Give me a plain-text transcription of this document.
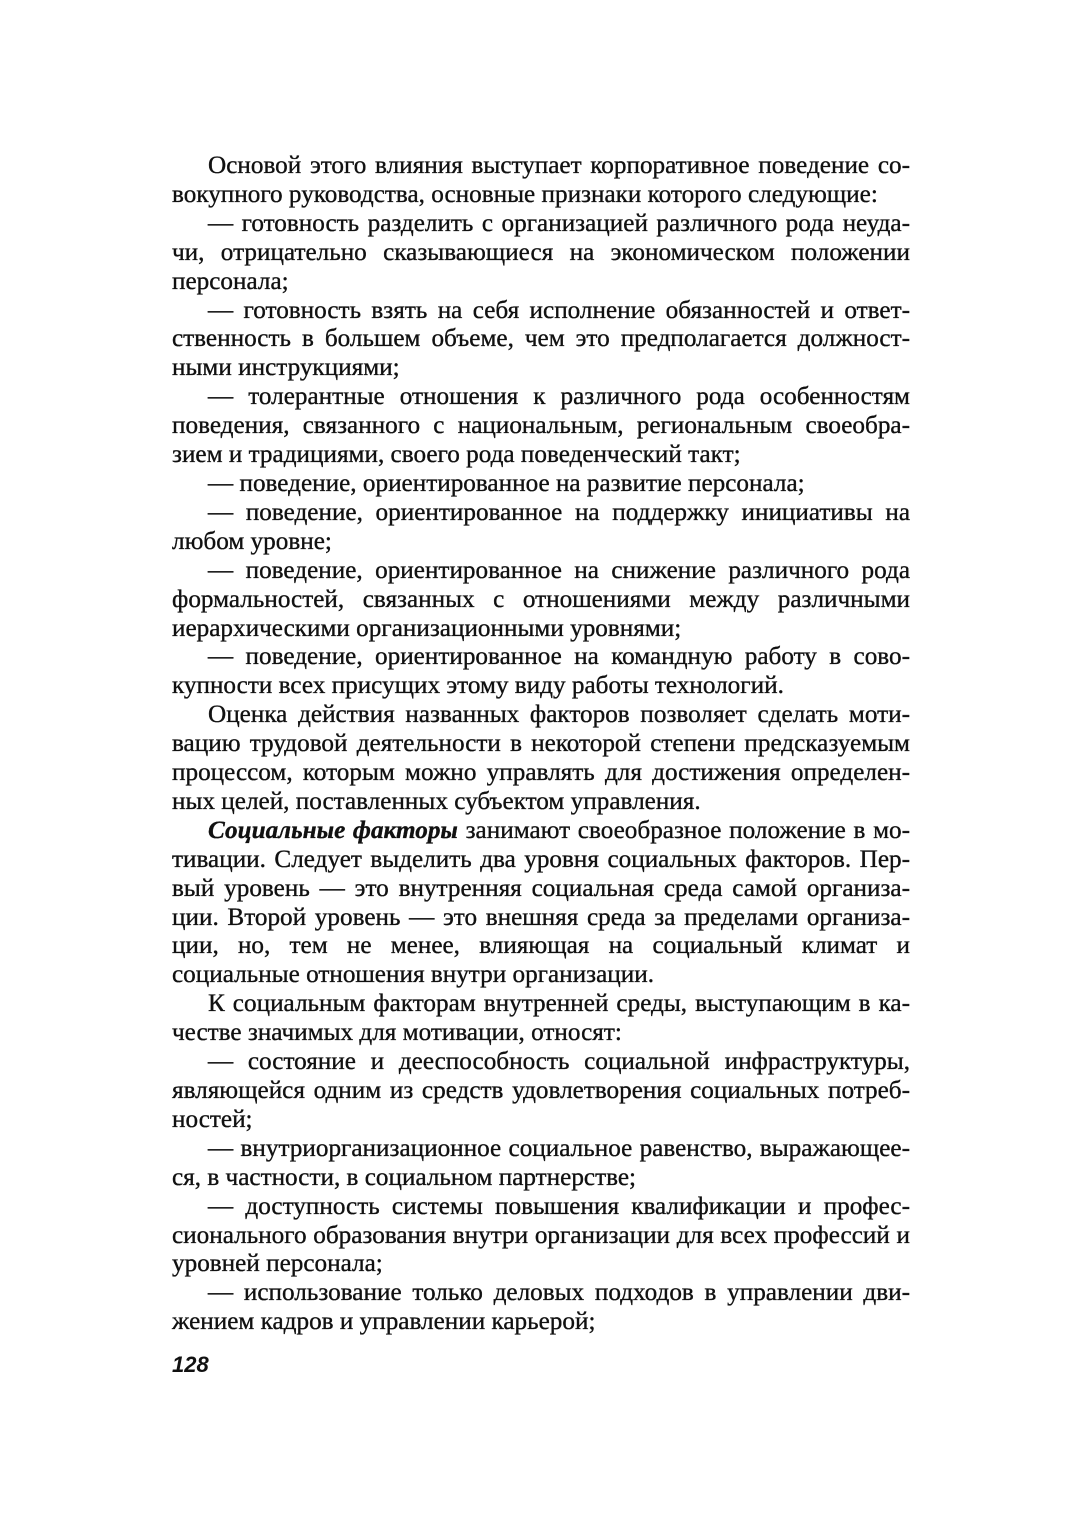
Основой этого влияния выступает корпоративное поведение совокупного руководства, основные признаки которого следующие:

— готовность разделить с организацией различного рода неудачи, отрицательно сказывающиеся на экономическом положении персонала;

— готовность взять на себя исполнение обязанностей и ответственность в большем объеме, чем это предполагается должностными инструкциями;

— толерантные отношения к различного рода особенностям поведения, связанного с национальным, региональным своеобразием и традициями, своего рода поведенческий такт;

— поведение, ориентированное на развитие персонала;

— поведение, ориентированное на поддержку инициативы на любом уровне;

— поведение, ориентированное на снижение различного рода формальностей, связанных с отношениями между различными иерархическими организационными уровнями;

— поведение, ориентированное на командную работу в совокупности всех присущих этому виду работы технологий.

Оценка действия названных факторов позволяет сделать мотивацию трудовой деятельности в некоторой степени предсказуемым процессом, которым можно управлять для достижения определенных целей, поставленных субъектом управления.

Социальные факторы занимают своеобразное положение в мотивации. Следует выделить два уровня социальных факторов. Первый уровень — это внутренняя социальная среда самой организации. Второй уровень — это внешняя среда за пределами организации, но, тем не менее, влияющая на социальный климат и социальные отношения внутри организации.

К социальным факторам внутренней среды, выступающим в качестве значимых для мотивации, относят:

— состояние и дееспособность социальной инфраструктуры, являющейся одним из средств удовлетворения социальных потребностей;

— внутриорганизационное социальное равенство, выражающееся, в частности, в социальном партнерстве;

— доступность системы повышения квалификации и профессионального образования внутри организации для всех профессий и уровней персонала;

— использование только деловых подходов в управлении движением кадров и управлении карьерой;

128
